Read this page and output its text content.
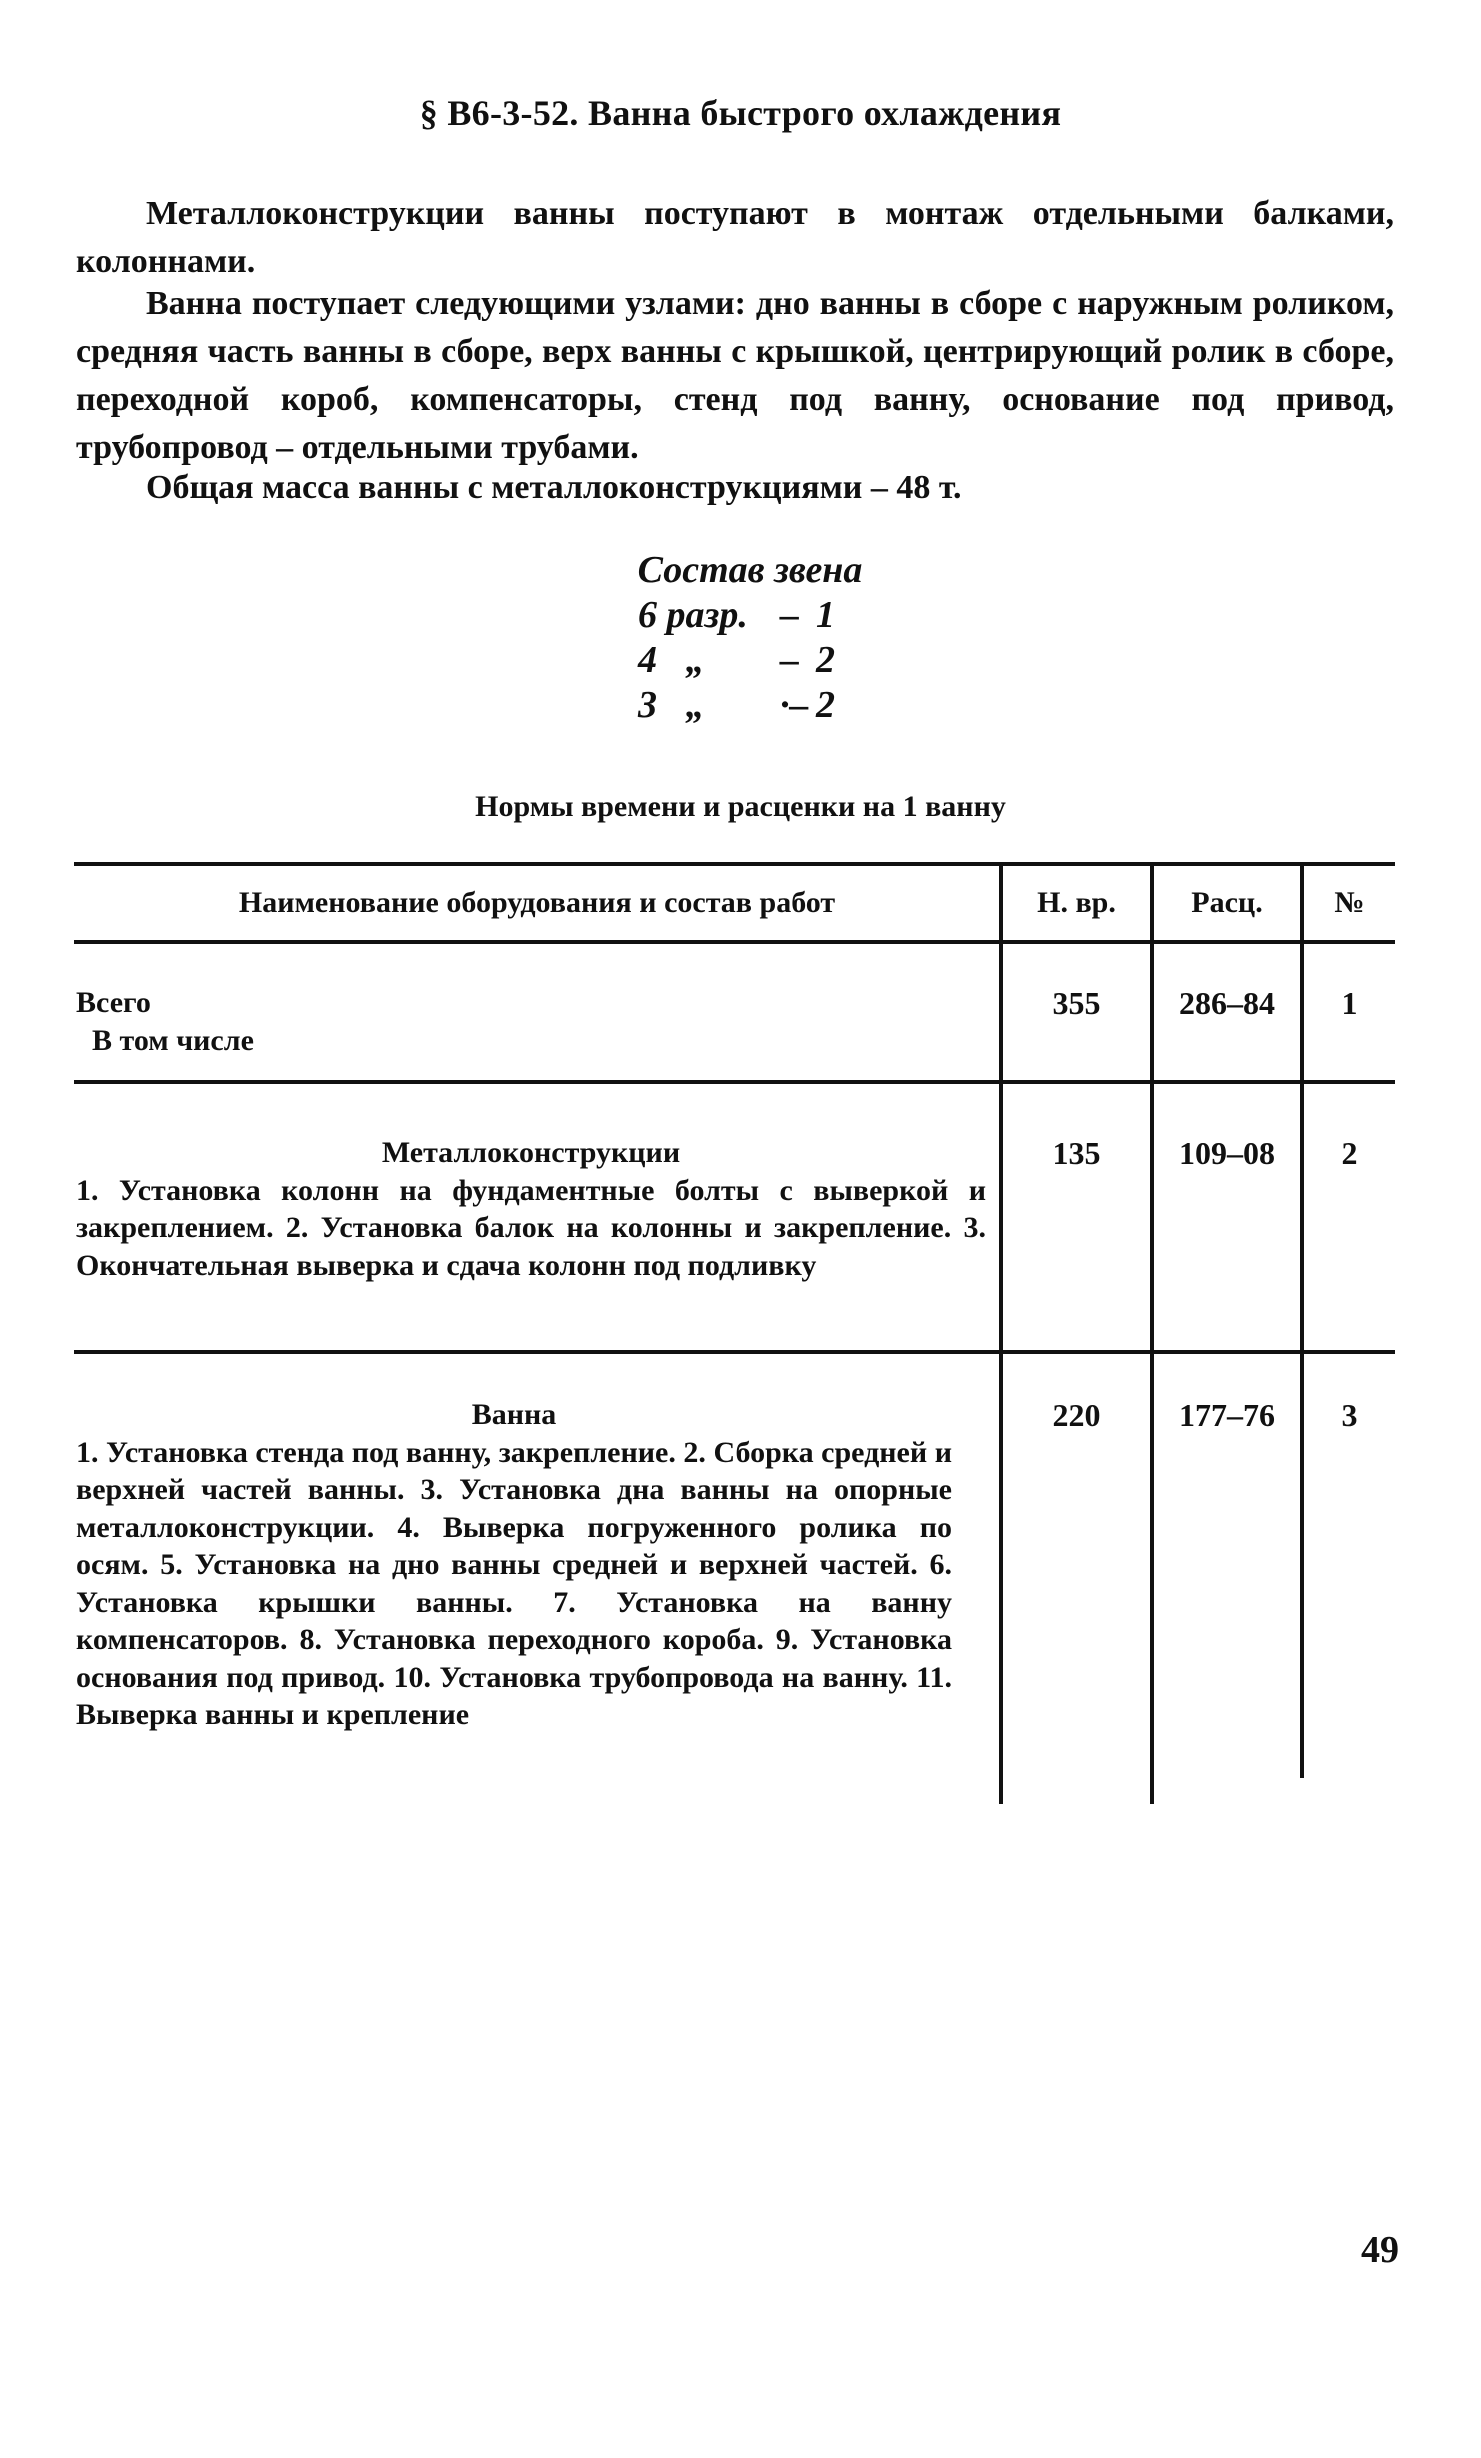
§ В6-3-52. Ванна быстрого охлаждения
Металлоконструкции ванны поступают в монтаж отдельными балками, колоннами.
Ванна поступает следующими узлами: дно ванны в сборе с наружным роликом, средняя часть ванны в сборе, верх ванны с крышкой, центрирующий ролик в сборе, переходной короб, компенсаторы, стенд под ванну, основание под привод, трубопровод – отдельными трубами.
Общая масса ванны с металлоконструкциями – 48 т.
Состав звена
6 разр. – 1
4   „ – 2
3   „ ·– 2
Нормы времени и расценки на 1 ванну
Наименование оборудования и состав работ	Н. вр.	Расц.	№
Всего
В том числе
355	286–84	1
Металлоконструкции
1. Установка колонн на фундаментные болты с выверкой и закреплением. 2. Установка балок на колонны и закрепление. 3. Окончательная выверка и сдача колонн под подливку
135	109–08	2
Ванна
1. Установка стенда под ванну, закрепление. 2. Сборка средней и верхней частей ванны. 3. Установка дна ванны на опорные металлоконструкции. 4. Выверка погруженного ролика по осям. 5. Установка на дно ванны средней и верхней частей. 6. Установка крышки ванны. 7. Установка на ванну компенсаторов. 8. Установка переходного короба. 9. Установка основания под привод. 10. Установка трубопровода на ванну. 11. Выверка ванны и крепление
220	177–76	3
49
